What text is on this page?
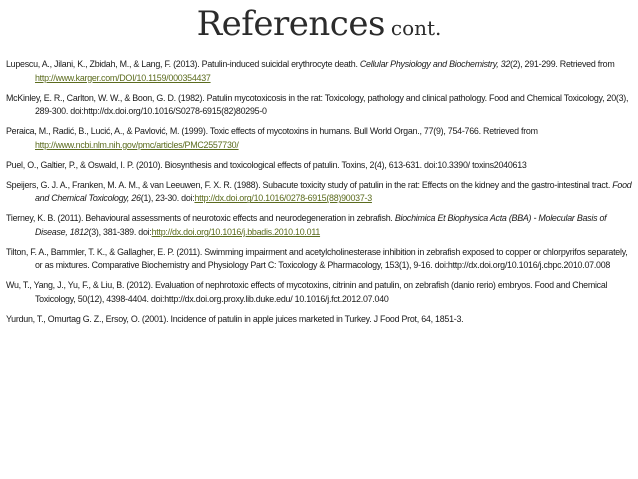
References cont.
Lupescu, A., Jilani, K., Zbidah, M., & Lang, F. (2013). Patulin-induced suicidal erythrocyte death. Cellular Physiology and Biochemistry, 32(2), 291-299. Retrieved from http://www.karger.com/DOI/10.1159/000354437
McKinley, E. R., Carlton, W. W., & Boon, G. D. (1982). Patulin mycotoxicosis in the rat: Toxicology, pathology and clinical pathology. Food and Chemical Toxicology, 20(3), 289-300. doi:http://dx.doi.org/10.1016/S0278-6915(82)80295-0
Peraica, M., Radić, B., Lucić, A., & Pavlović, M. (1999). Toxic effects of mycotoxins in humans. Bull World Organ., 77(9), 754-766. Retrieved from http://www.ncbi.nlm.nih.gov/pmc/articles/PMC2557730/
Puel, O., Galtier, P., & Oswald, I. P. (2010). Biosynthesis and toxicological effects of patulin. Toxins, 2(4), 613-631. doi:10.3390/ toxins2040613
Speijers, G. J. A., Franken, M. A. M., & van Leeuwen, F. X. R. (1988). Subacute toxicity study of patulin in the rat: Effects on the kidney and the gastro-intestinal tract. Food and Chemical Toxicology, 26(1), 23-30. doi:http://dx.doi.org/10.1016/0278-6915(88)90037-3
Tierney, K. B. (2011). Behavioural assessments of neurotoxic effects and neurodegeneration in zebrafish. Biochimica Et Biophysica Acta (BBA) - Molecular Basis of Disease, 1812(3), 381-389. doi:http://dx.doi.org/10.1016/j.bbadis.2010.10.011
Tilton, F. A., Bammler, T. K., & Gallagher, E. P. (2011). Swimming impairment and acetylcholinesterase inhibition in zebrafish exposed to copper or chlorpyrifos separately, or as mixtures. Comparative Biochemistry and Physiology Part C: Toxicology & Pharmacology, 153(1), 9-16. doi:http://dx.doi.org/10.1016/j.cbpc.2010.07.008
Wu, T., Yang, J., Yu, F., & Liu, B. (2012). Evaluation of nephrotoxic effects of mycotoxins, citrinin and patulin, on zebrafish (danio rerio) embryos. Food and Chemical Toxicology, 50(12), 4398-4404. doi:http://dx.doi.org.proxy.lib.duke.edu/ 10.1016/j.fct.2012.07.040
Yurdun, T., Omurtag G. Z., Ersoy, O. (2001). Incidence of patulin in apple juices marketed in Turkey. J Food Prot, 64, 1851-3.
